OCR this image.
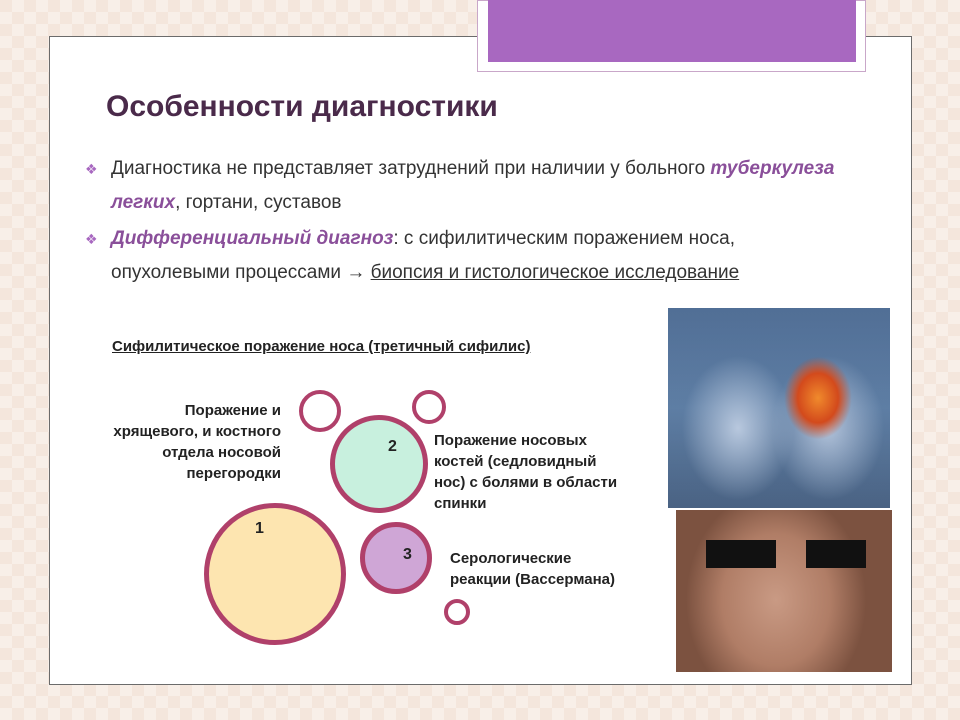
Особенности диагностики
❖ Диагностика не представляет затруднений при наличии у больного туберкулеза легких, гортани, суставов
❖ Дифференциальный диагноз: с сифилитическим поражением носа, опухолевыми процессами → биопсия и гистологическое исследование
Сифилитическое поражение носа (третичный сифилис)
1
2
3
Поражение и
хрящевого, и костного
отдела носовой
перегородки
Поражение носовых
костей (седловидный
нос) с болями в области
спинки
Серологические
реакции (Вассермана)
